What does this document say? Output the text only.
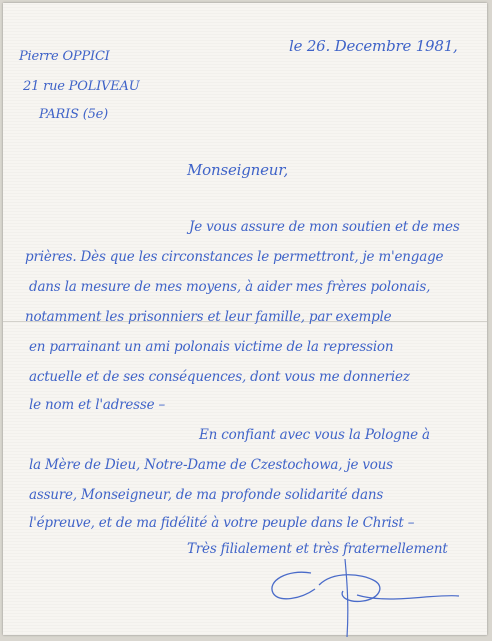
Pierre OPPICI

21 rue POLIVEAU

PARIS (5e)

le 26. Decembre 1981,

Monseigneur,

Je vous assure de mon soutien et de mes

prières. Dès que les circonstances le permettront, je m'engage

dans la mesure de mes moyens, à aider mes frères polonais,

notamment les prisonniers et leur famille, par exemple

en parrainant un ami polonais victime de la repression

actuelle et de ses conséquences, dont vous me donneriez

le nom et l'adresse –

En confiant avec vous la Pologne à

la Mère de Dieu, Notre-Dame de Czestochowa, je vous

assure, Monseigneur, de ma profonde solidarité dans

l'épreuve, et de ma fidélité à votre peuple dans le Christ –

Très filialement et très fraternellement
